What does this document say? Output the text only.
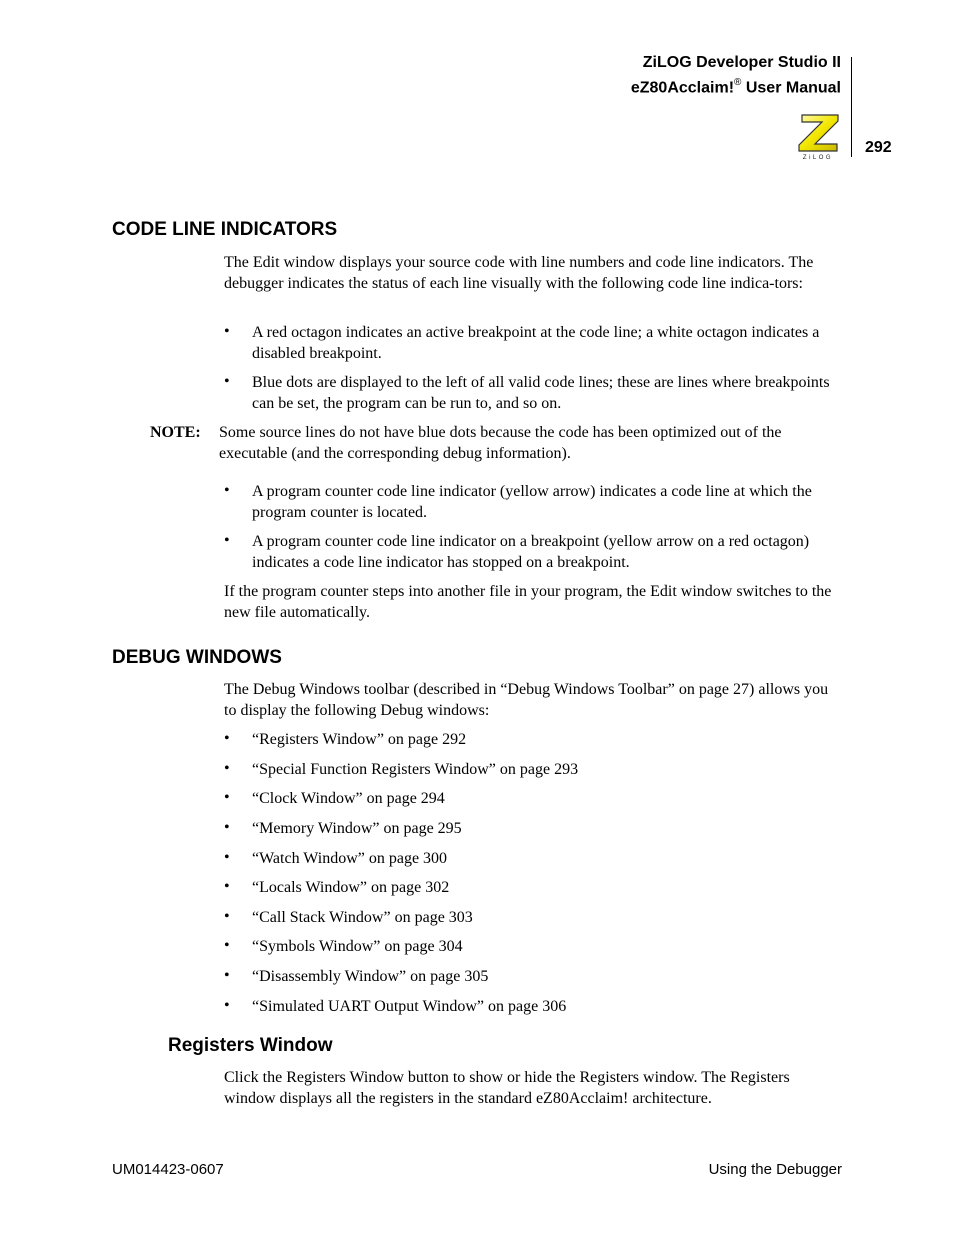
ZiLOG Developer Studio II
eZ80Acclaim!® User Manual
292
ZiLOG
CODE LINE INDICATORS

The Edit window displays your source code with line numbers and code line indicators. The debugger indicates the status of each line visually with the following code line indica-tors:

• A red octagon indicates an active breakpoint at the code line; a white octagon indicates a disabled breakpoint.

• Blue dots are displayed to the left of all valid code lines; these are lines where breakpoints can be set, the program can be run to, and so on.

NOTE: Some source lines do not have blue dots because the code has been optimized out of the executable (and the corresponding debug information).
• A program counter code line indicator (yellow arrow) indicates a code line at which the program counter is located.

• A program counter code line indicator on a breakpoint (yellow arrow on a red octagon) indicates a code line indicator has stopped on a breakpoint.

If the program counter steps into another file in your program, the Edit window switches to the new file automatically.

DEBUG WINDOWS

The Debug Windows toolbar (described in “Debug Windows Toolbar” on page 27) allows you to display the following Debug windows:

• “Registers Window” on page 292

• “Special Function Registers Window” on page 293

• “Clock Window” on page 294

• “Memory Window” on page 295

• “Watch Window” on page 300

• “Locals Window” on page 302

• “Call Stack Window” on page 303

• “Symbols Window” on page 304

• “Disassembly Window” on page 305

• “Simulated UART Output Window” on page 306

Registers Window

Click the Registers Window button to show or hide the Registers window. The Registers window displays all the registers in the standard eZ80Acclaim! architecture.

UM014423-0607	Using the Debugger
